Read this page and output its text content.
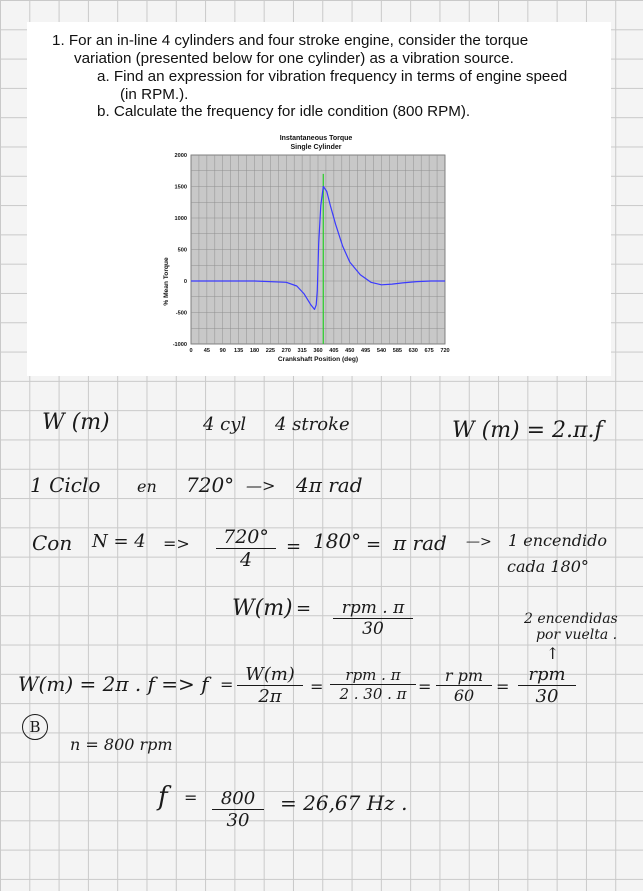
1. For an in-line 4 cylinders and four stroke engine, consider the torque
variation (presented below for one cylinder) as a vibration source.
a. Find an expression for vibration frequency in terms of engine speed
(in RPM.).
b. Calculate the frequency for idle condition (800 RPM).
Instantaneous Torque
Single Cylinder
0 45 90 135 180 225 270 315 360 405 450 495 540 585 630 675 720
2000
1500
1000
500
0
-500
-1000
Crankshaft Position (deg)
% Mean Torque
W (m)	4 cyl 4 stroke	W (m) = 2.π.f
1 Ciclo en 720° —> 4π rad
Con $N = 4 => \frac{720^\circ}{4} = 180^\circ = \pi$ rad —> 1 encendido
cada 180°
W(m) =	rpm . π
30	2 encendidas
por vuelta .
↑
W(m) = 2π . $f => f = \frac{W(m)}{2\pi}$ =
rpm . π
2 . 30 . $\pi = \frac{\text{r pm}}{60}$ =
rpm
30
B
n = 800 rpm
$f = \frac{800}{30} = 26,67$ Hz .
